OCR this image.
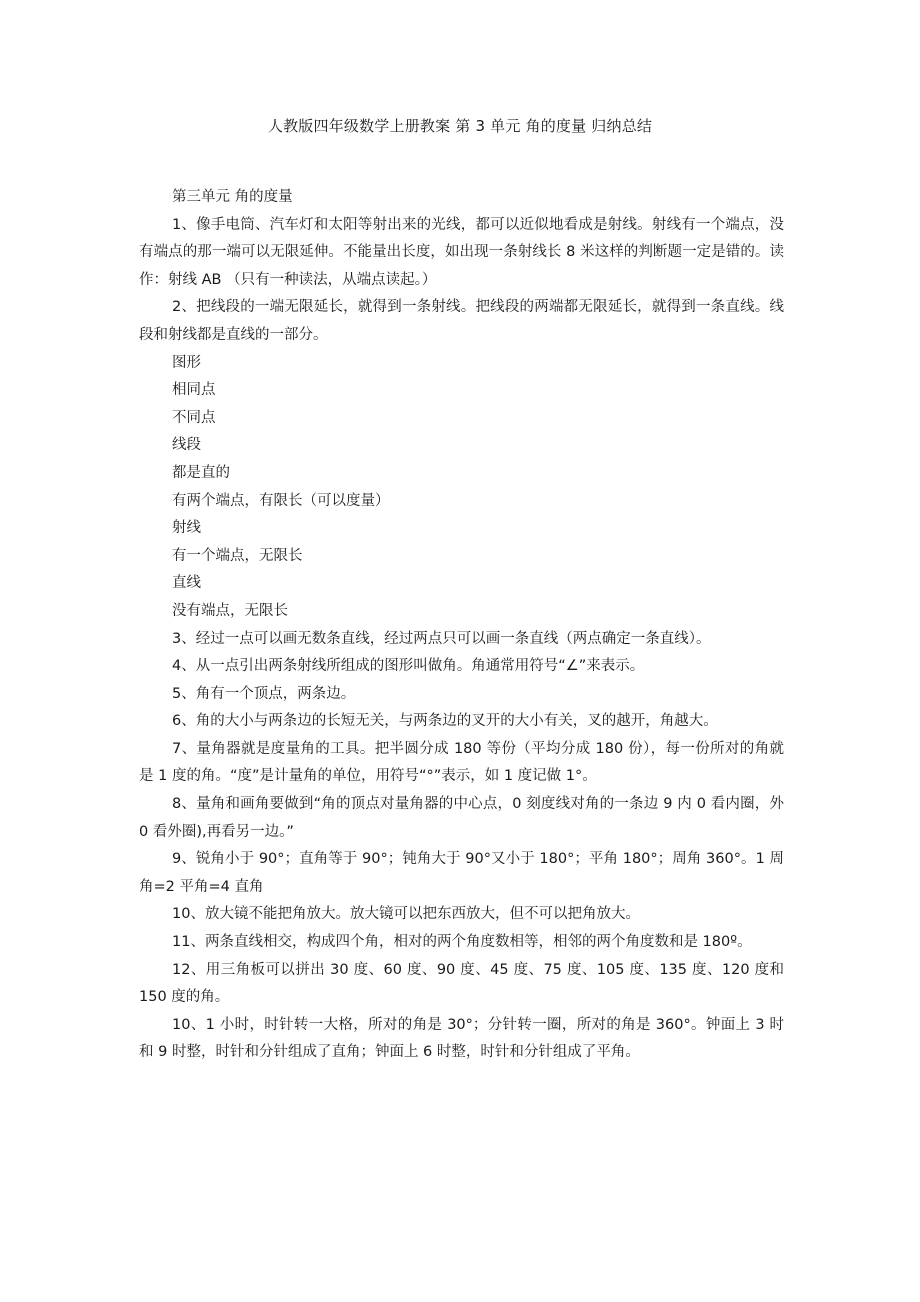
人教版四年级数学上册教案 第 3 单元 角的度量 归纳总结

第三单元 角的度量

1、像手电筒、汽车灯和太阳等射出来的光线，都可以近似地看成是射线。射线有一个端点，没有端点的那一端可以无限延伸。不能量出长度，如出现一条射线长 8 米这样的判断题一定是错的。读作：射线 AB （只有一种读法，从端点读起。）

2、把线段的一端无限延长，就得到一条射线。把线段的两端都无限延长，就得到一条直线。线段和射线都是直线的一部分。

图形

相同点

不同点

线段

都是直的

有两个端点，有限长（可以度量）

射线

有一个端点，无限长

直线

没有端点，无限长

3、经过一点可以画无数条直线，经过两点只可以画一条直线（两点确定一条直线）。

4、从一点引出两条射线所组成的图形叫做角。角通常用符号“∠”来表示。

5、角有一个顶点，两条边。

6、角的大小与两条边的长短无关，与两条边的叉开的大小有关，叉的越开，角越大。

7、量角器就是度量角的工具。把半圆分成 180 等份（平均分成 180 份），每一份所对的角就是 1 度的角。“度”是计量角的单位，用符号“°”表示，如 1 度记做 1°。

8、量角和画角要做到“角的顶点对量角器的中心点，0 刻度线对角的一条边 9 内 0 看内圈，外 0 看外圈),再看另一边。”

9、锐角小于 90°；直角等于 90°；钝角大于 90°又小于 180°；平角 180°；周角 360°。1 周角=2 平角=4 直角

10、放大镜不能把角放大。放大镜可以把东西放大，但不可以把角放大。

11、两条直线相交，构成四个角，相对的两个角度数相等，相邻的两个角度数和是 180º。

12、用三角板可以拼出 30 度、60 度、90 度、45 度、75 度、105 度、135 度、120 度和 150 度的角。

10、1 小时，时针转一大格，所对的角是 30°；分针转一圈，所对的角是 360°。钟面上 3 时和 9 时整，时针和分针组成了直角；钟面上 6 时整，时针和分针组成了平角。
